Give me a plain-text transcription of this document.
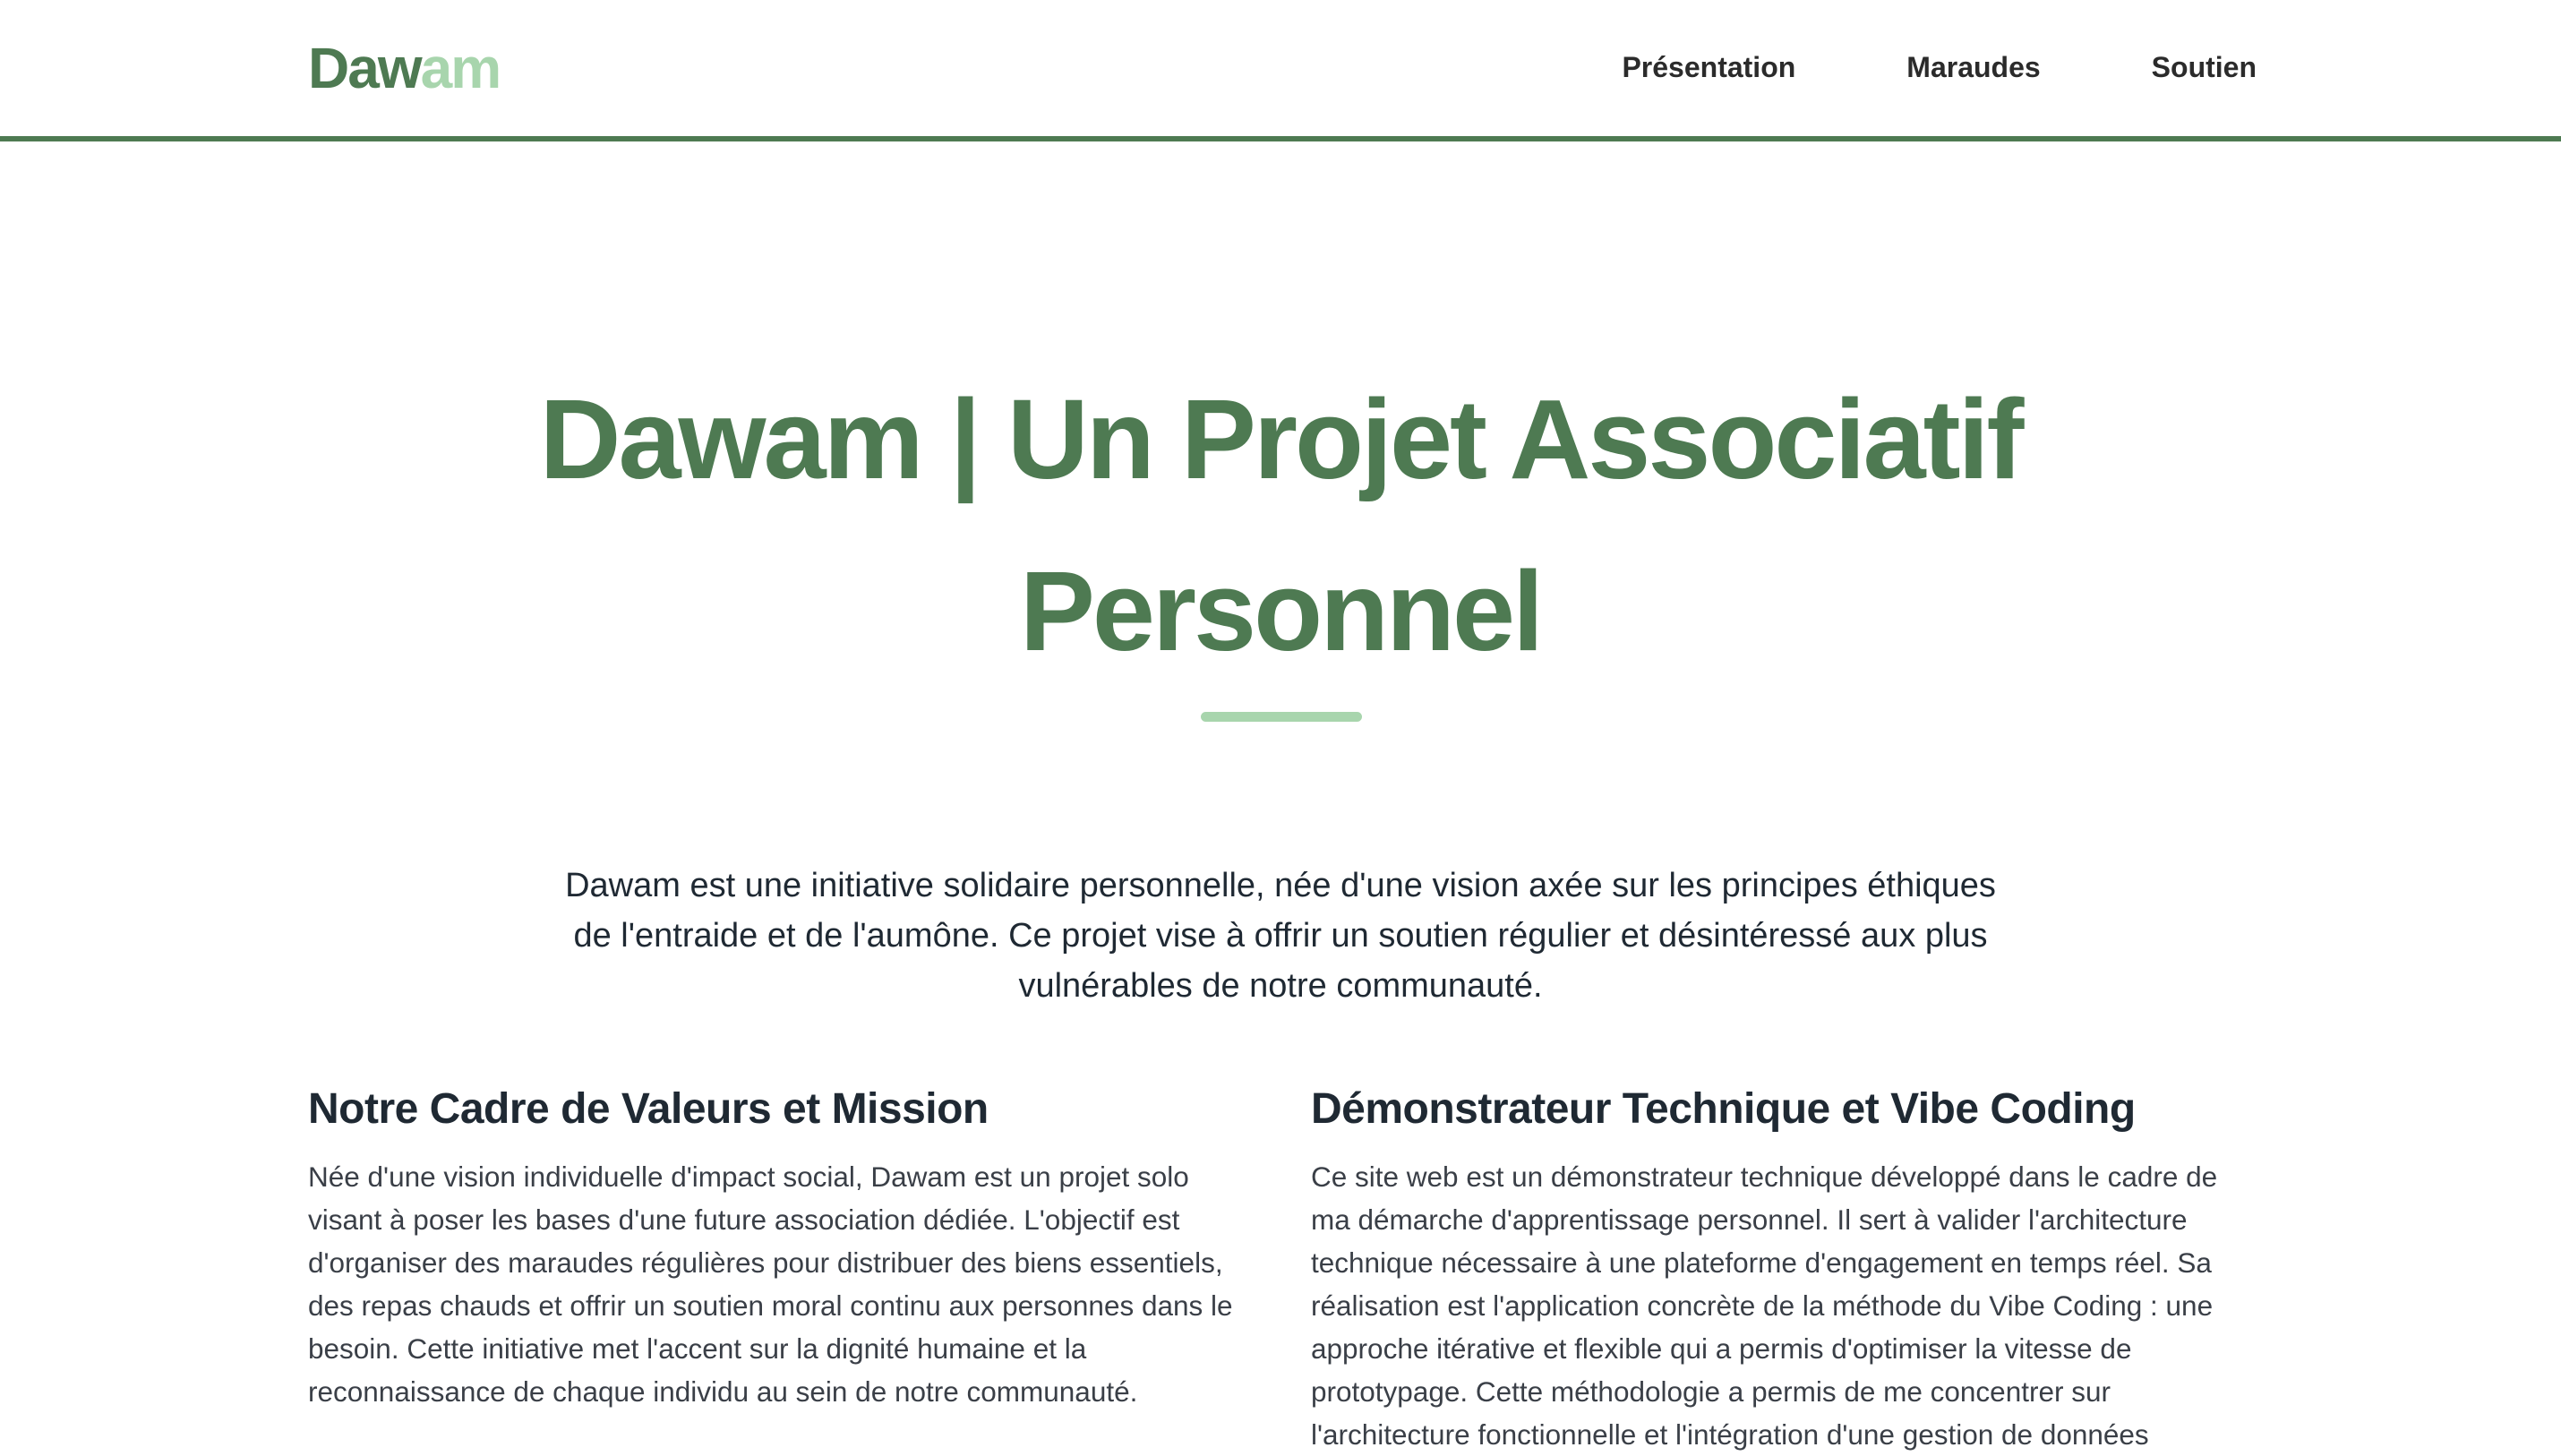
Dawam	Présentation	Maraudes	Soutien
Dawam | Un Projet Associatif Personnel

Dawam est une initiative solidaire personnelle, née d'une vision axée sur les principes éthiques de l'entraide et de l'aumône. Ce projet vise à offrir un soutien régulier et désintéressé aux plus vulnérables de notre communauté.

Notre Cadre de Valeurs et Mission

Née d'une vision individuelle d'impact social, Dawam est un projet solo visant à poser les bases d'une future association dédiée. L'objectif est d'organiser des maraudes régulières pour distribuer des biens essentiels, des repas chauds et offrir un soutien moral continu aux personnes dans le besoin. Cette initiative met l'accent sur la dignité humaine et la reconnaissance de chaque individu au sein de notre communauté.

Démonstrateur Technique et Vibe Coding

Ce site web est un démonstrateur technique développé dans le cadre de ma démarche d'apprentissage personnel. Il sert à valider l'architecture technique nécessaire à une plateforme d'engagement en temps réel. Sa réalisation est l'application concrète de la méthode du Vibe Coding : une approche itérative et flexible qui a permis d'optimiser la vitesse de prototypage. Cette méthodologie a permis de me concentrer sur l'architecture fonctionnelle et l'intégration d'une gestion de données
